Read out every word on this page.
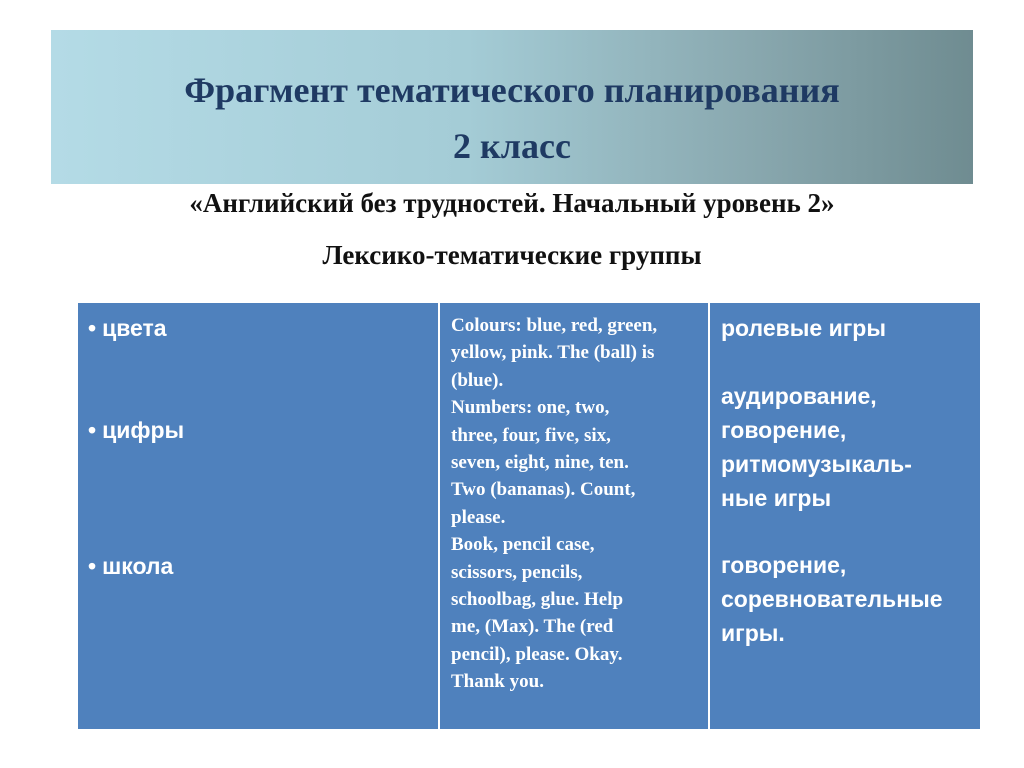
Фрагмент тематического планирования
2 класс
«Английский без трудностей. Начальный уровень 2»
Лексико-тематические группы
• цвета
• цифры
• школа
Colours: blue, red, green,
yellow, pink. The (ball) is
(blue).
Numbers: one, two,
three, four, five, six,
seven, eight, nine, ten.
Two (bananas). Count,
please.
Book, pencil case,
scissors, pencils,
schoolbag, glue. Help
me, (Max). The (red
pencil), please. Okay.
Thank you.
ролевые игры
аудирование,
говорение,
ритмомузыкаль-
ные игры
говорение,
соревновательные
игры.
